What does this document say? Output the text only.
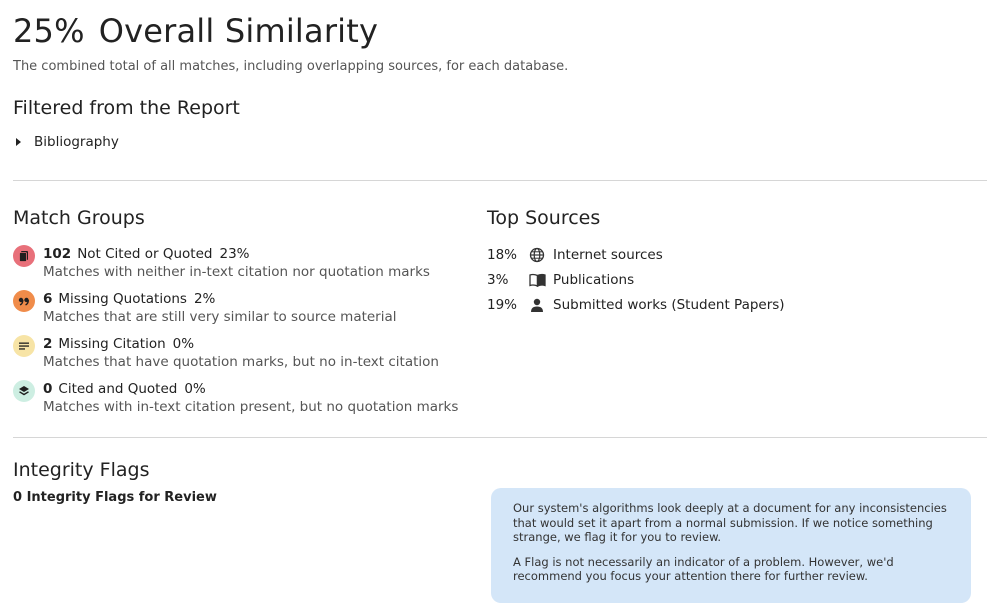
25% Overall Similarity
The combined total of all matches, including overlapping sources, for each database.
Filtered from the Report
Bibliography
Match Groups
102 Not Cited or Quoted 23%
Matches with neither in-text citation nor quotation marks
6 Missing Quotations 2%
Matches that are still very similar to source material
2 Missing Citation 0%
Matches that have quotation marks, but no in-text citation
0 Cited and Quoted 0%
Matches with in-text citation present, but no quotation marks
Top Sources
18%	Internet sources
3%	Publications
19%	Submitted works (Student Papers)
Integrity Flags
0 Integrity Flags for Review

Our system's algorithms look deeply at a document for any inconsistencies that would set it apart from a normal submission. If we notice something strange, we flag it for you to review.

A Flag is not necessarily an indicator of a problem. However, we'd recommend you focus your attention there for further review.
